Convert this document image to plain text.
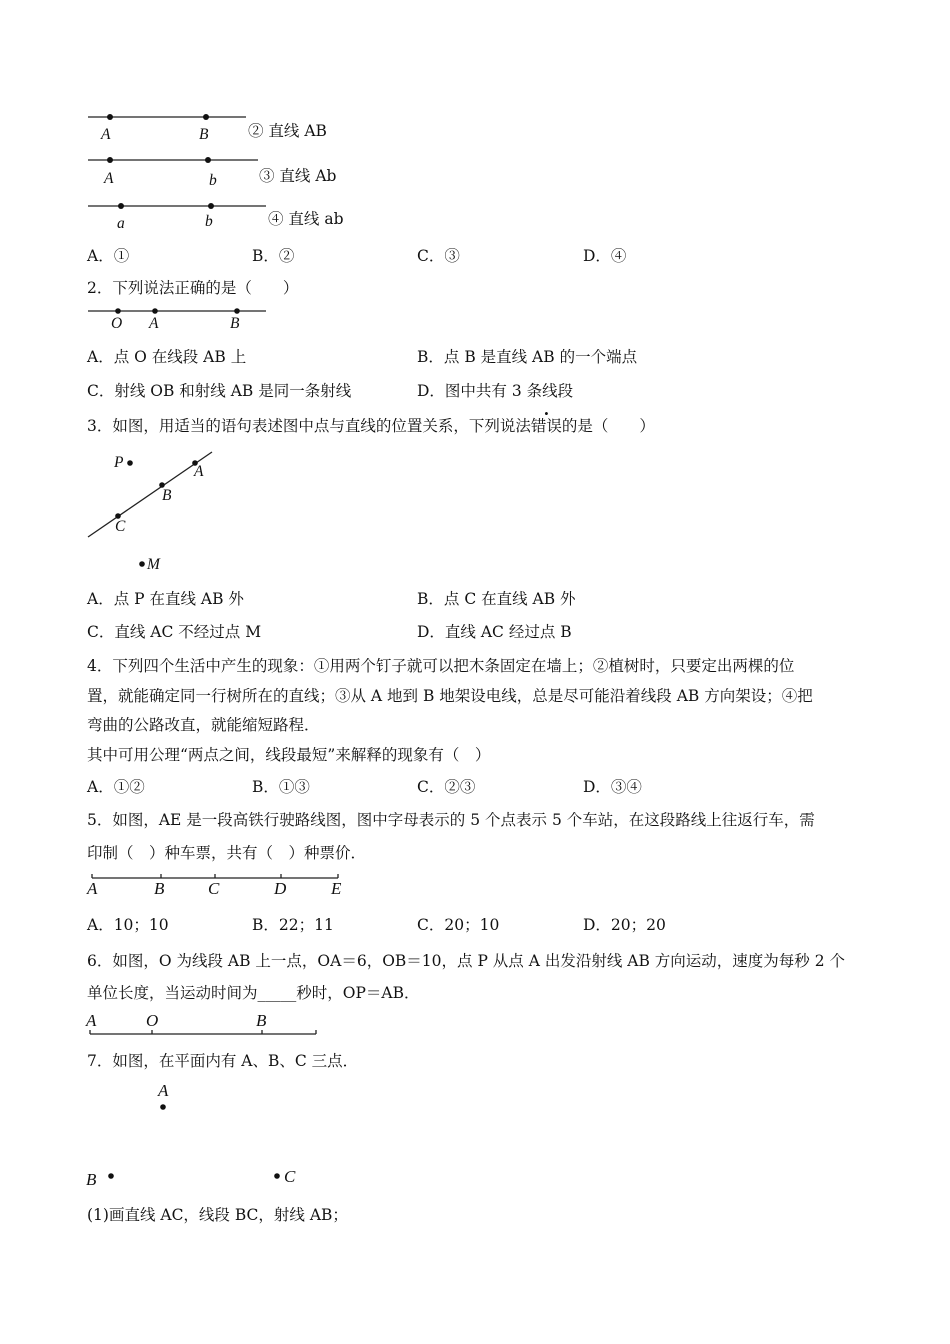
A	B	② 直线 AB
A	b	③ 直线 Ab
a	b	④ 直线 ab
A．①	B．②	C．③	D．④
2．下列说法正确的是（　　）
O A	B
A．点 O 在线段 AB 上	B．点 B 是直线 AB 的一个端点
C．射线 OB 和射线 AB 是同一条射线	D．图中共有 3 条线段
3．如图，用适当的语句表述图中点与直线的位置关系，下列说法错误的是（　　）
P
A
B
C
M
A．点 P 在直线 AB 外	B．点 C 在直线 AB 外
C．直线 AC 不经过点 M	D．直线 AC 经过点 B
4．下列四个生活中产生的现象：①用两个钉子就可以把木条固定在墙上；②植树时，只要定出两棵的位
置，就能确定同一行树所在的直线；③从 A 地到 B 地架设电线，总是尽可能沿着线段 AB 方向架设；④把
弯曲的公路改直，就能缩短路程．
其中可用公理“两点之间，线段最短”来解释的现象有（　）
A．①②	B．①③	C．②③	D．③④
5．如图，AE 是一段高铁行驶路线图，图中字母表示的 5 个点表示 5 个车站，在这段路线上往返行车，需
印制（　）种车票，共有（　）种票价．
A	B	C	D	E
A．10；10	B．22；11	C．20；10	D．20；20
6．如图，O 为线段 AB 上一点，OA＝6，OB＝10，点 P 从点 A 出发沿射线 AB 方向运动，速度为每秒 2 个
单位长度，当运动时间为_____秒时，OP＝AB．
A	O	B
7．如图，在平面内有 A、B、C 三点．
A
B	C
(1)画直线 AC，线段 BC，射线 AB；
